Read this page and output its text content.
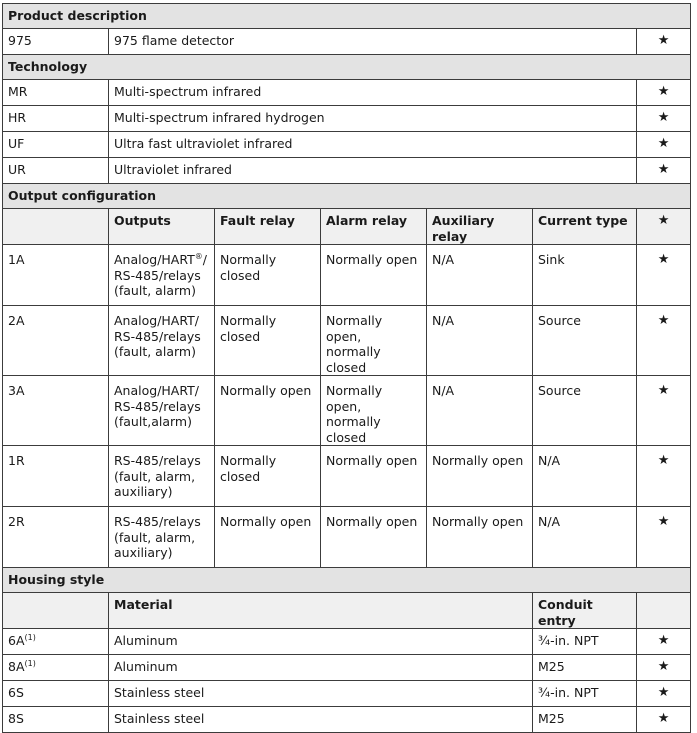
Product description						
975	975 flame detector					★
Technology						
MR	Multi-spectrum infrared					★
HR	Multi-spectrum infrared hydrogen					★
UF	Ultra fast ultraviolet infrared					★
UR	Ultraviolet infrared					★
Output configuration						
	Outputs	Fault relay	Alarm relay	Auxiliary relay	Current type	★
1A	Analog/HART®/
RS-485/relays
(fault, alarm)	Normally closed	Normally open	N/A	Sink	★
2A	Analog/HART/
RS-485/relays
(fault, alarm)	Normally closed	Normally open,
normally closed	N/A	Source	★
3A	Analog/HART/
RS-485/relays
(fault,alarm)	Normally open	Normally open,
normally closed	N/A	Source	★
1R	RS-485/relays
(fault, alarm,
auxiliary)	Normally closed	Normally open	Normally open	N/A	★
2R	RS-485/relays
(fault, alarm,
auxiliary)	Normally open	Normally open	Normally open	N/A	★
Housing style						
	Material				Conduit entry	
$6A^{(1)}$	Aluminum				¾-in. NPT	★
$8A^{(1)}$	Aluminum				M25	★
6S	Stainless steel				¾-in. NPT	★
8S	Stainless steel				M25	★
